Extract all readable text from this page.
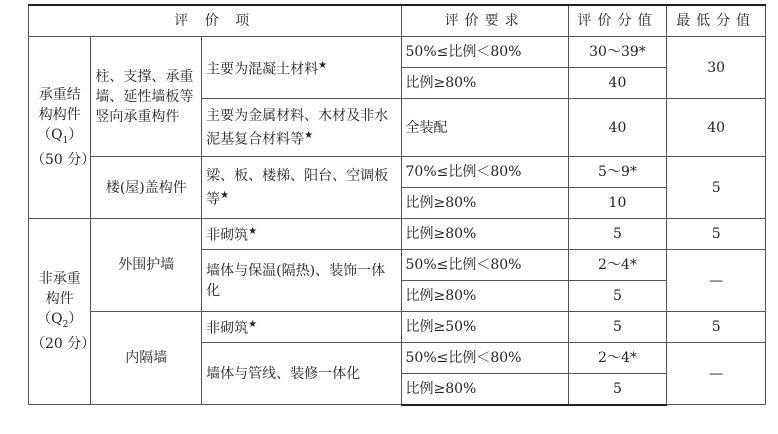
评 价 项			评价要求	评价分值	最低分值

承重结
构构件
$(Q_1)$
（50 分）	柱、支撑、承重墙、延性墙板等竖向承重构件	主要为混凝土材料★	50%≤比例＜80%	30～39*	30
			比例≥80%	40	
		主要为金属材料、木材及非水泥基复合材料等★	全装配	40	40
	楼(屋)盖构件	梁、板、楼梯、阳台、空调板等★	70%≤比例＜80%	5～9*	5
			比例≥80%	10	

非承重
构件
$(Q_2)$
（20 分）	外围护墙	非砌筑★	比例≥80%	5	5
		墙体与保温(隔热)、装饰一体化	50%≤比例＜80%	2～4*	—
			比例≥80%	5	
	内隔墙	非砌筑★	比例≥50%	5	5
		墙体与管线、装修一体化	50%≤比例＜80%	2～4*	—
			比例≥80%	5	
